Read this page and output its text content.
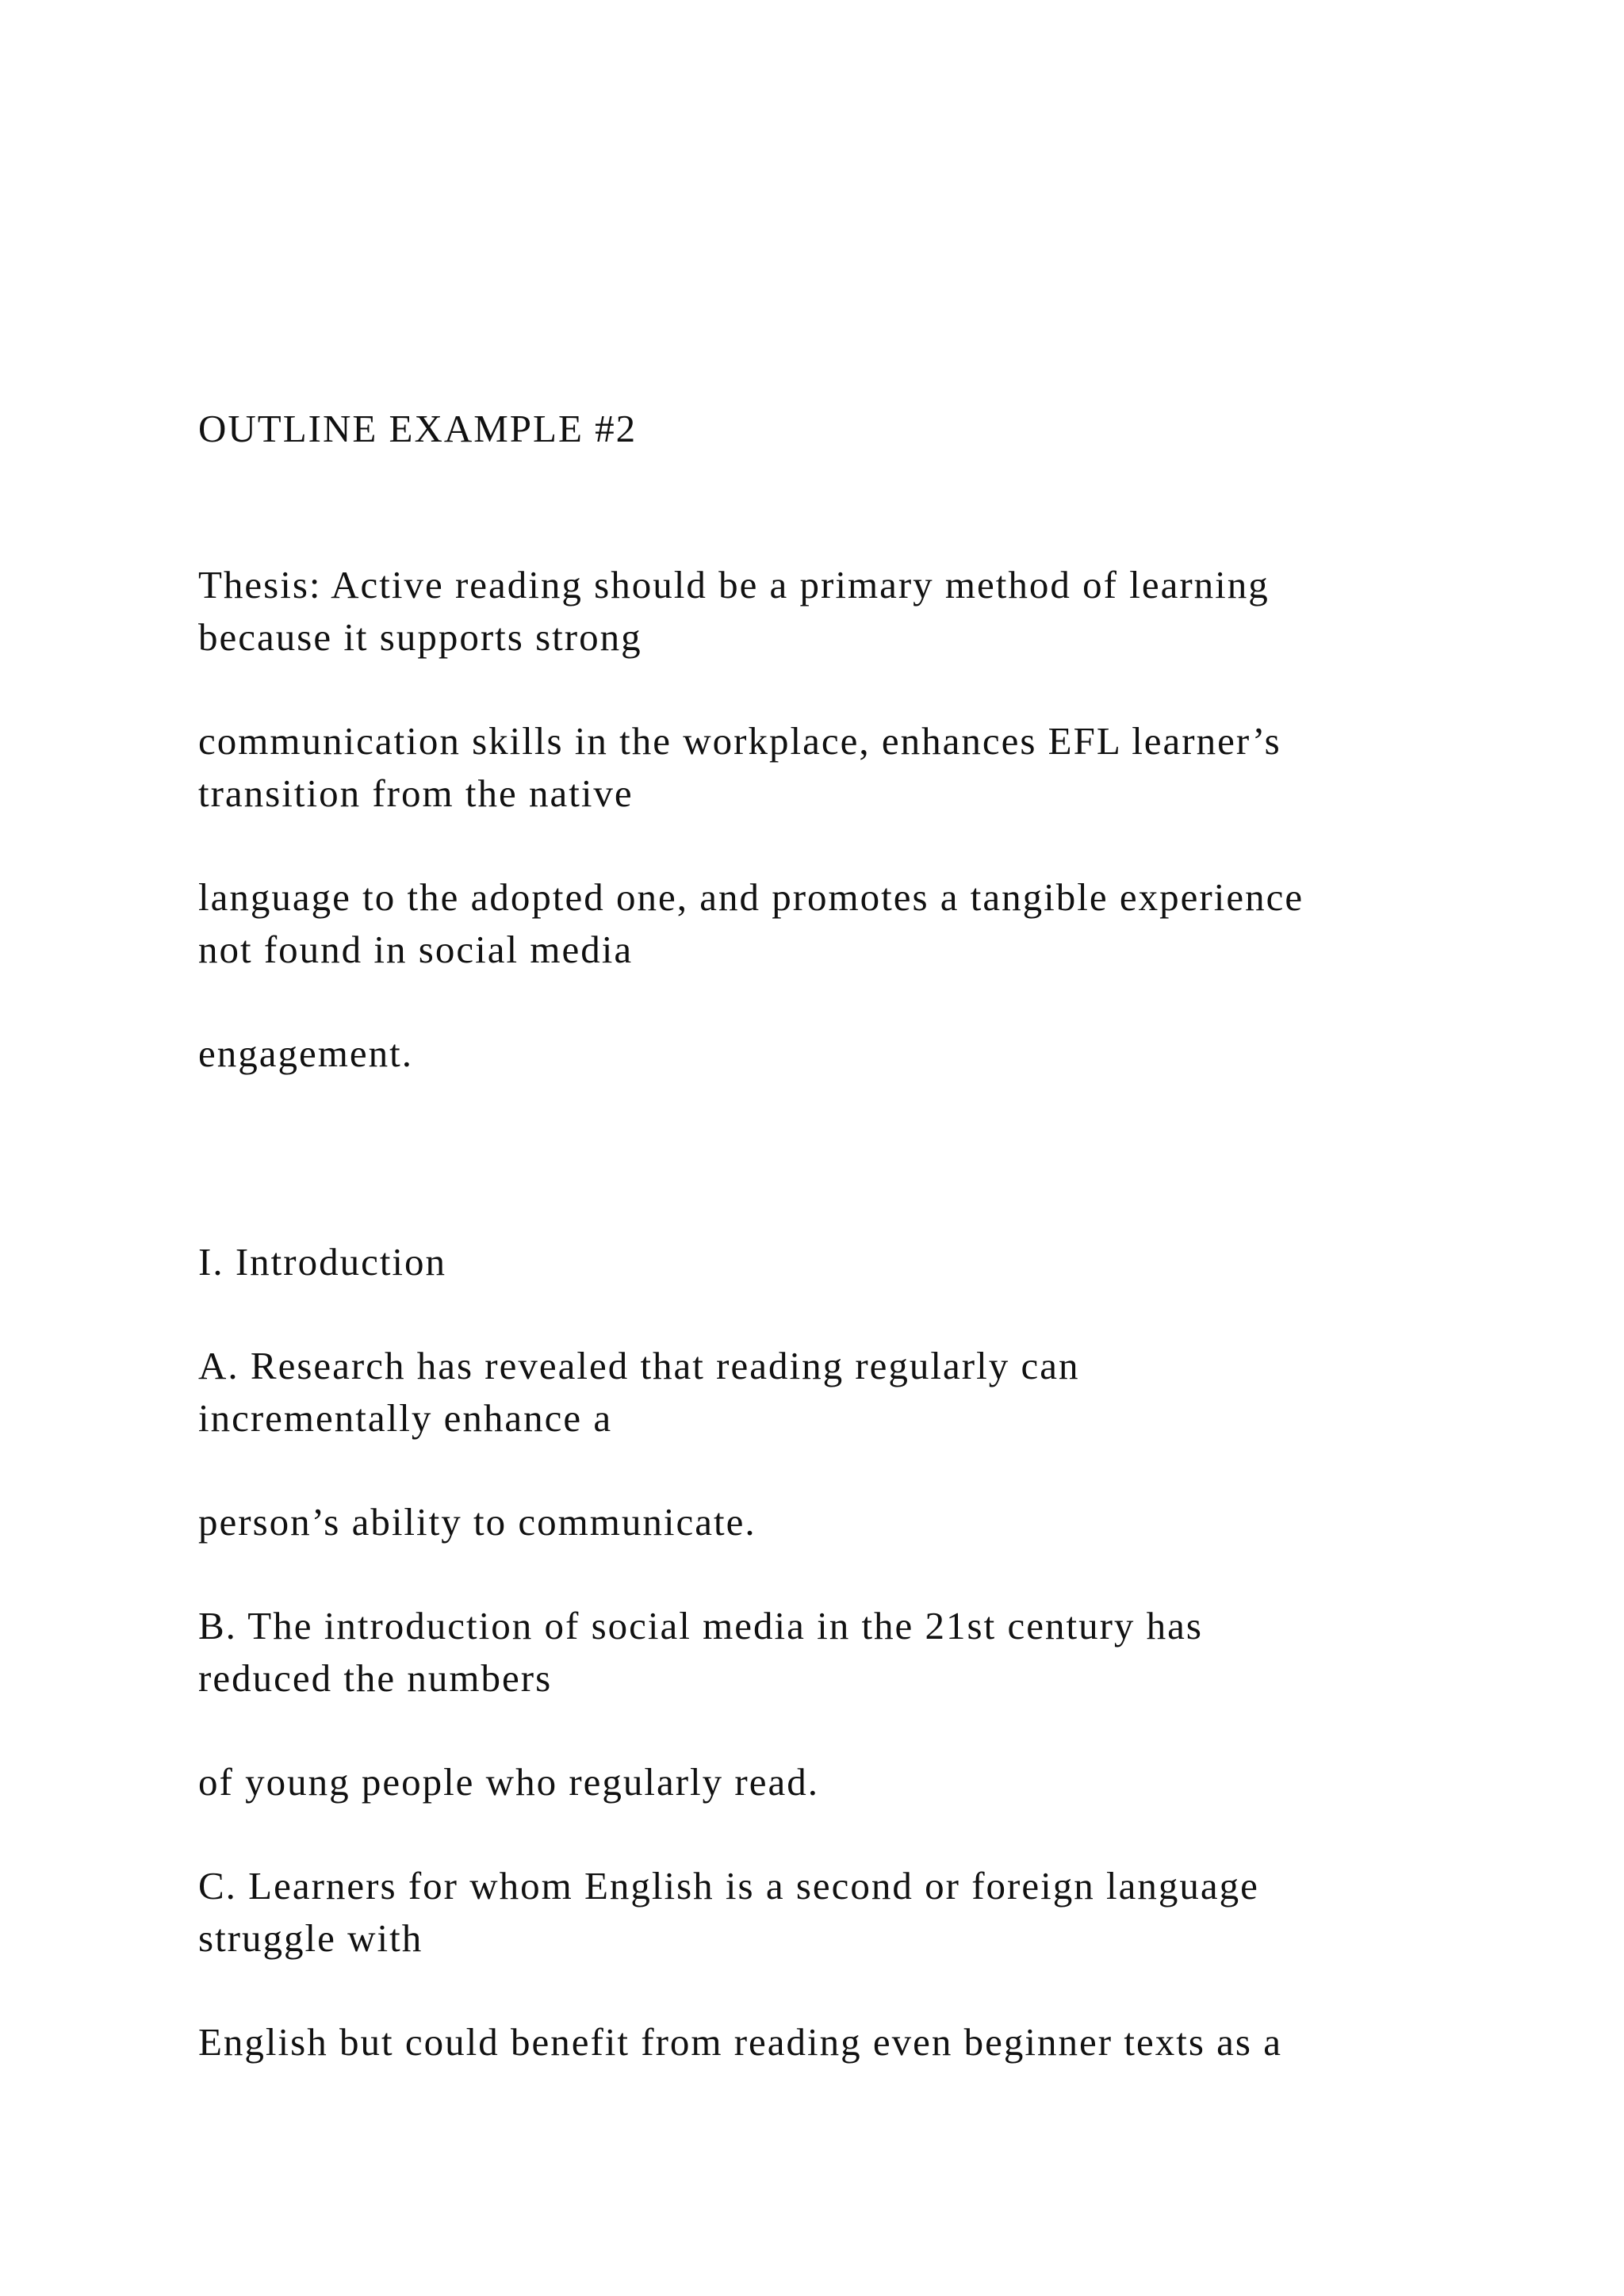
OUTLINE EXAMPLE #2

Thesis: Active reading should be a primary method of learning

because it supports strong

communication skills in the workplace, enhances EFL learner’s

transition from the native

language to the adopted one, and promotes a tangible experience

not found in social media

engagement.

I. Introduction

A. Research has revealed that reading regularly can

incrementally enhance a

person’s ability to communicate.

B. The introduction of social media in the 21st century has

reduced the numbers

of young people who regularly read.

C. Learners for whom English is a second or foreign language

struggle with

English but could benefit from reading even beginner texts as a
